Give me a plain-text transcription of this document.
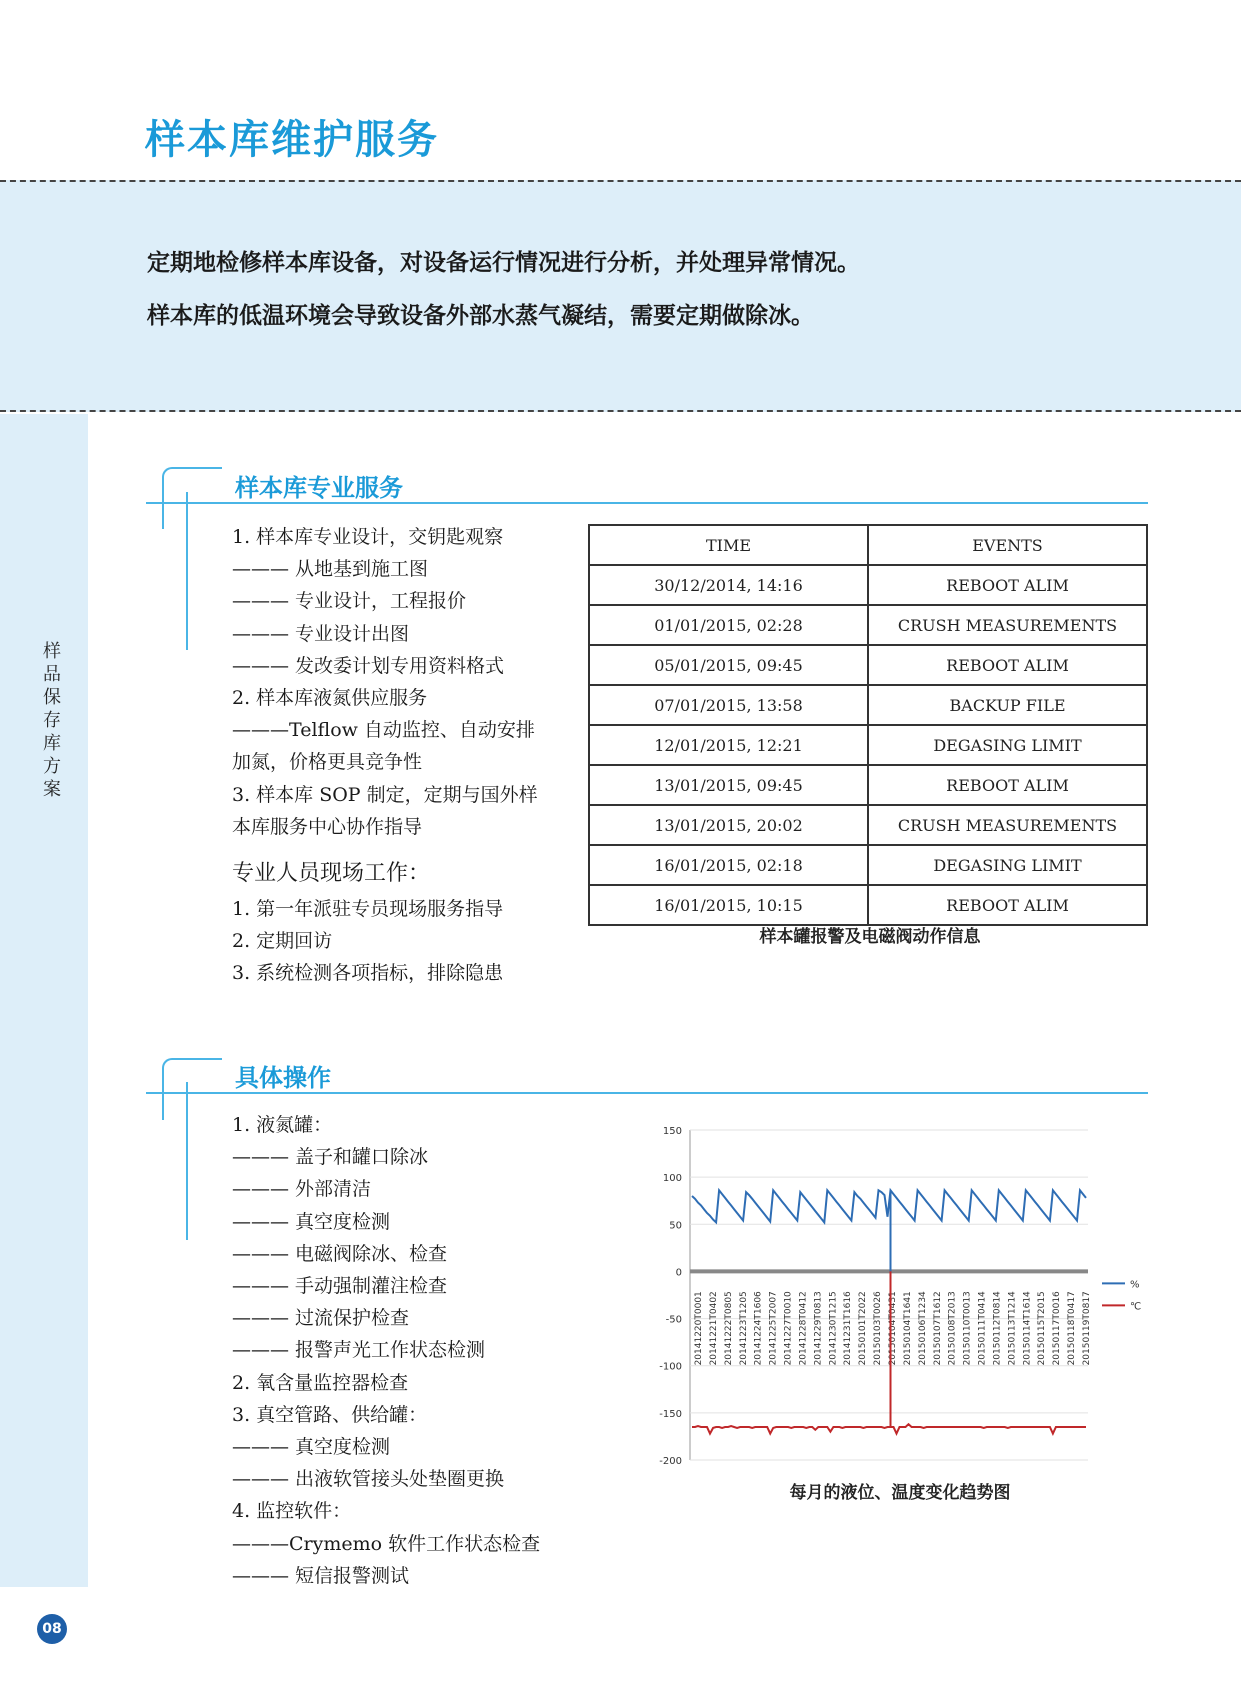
样本库维护服务
定期地检修样本库设备，对设备运行情况进行分析，并处理异常情况。
样本库的低温环境会导致设备外部水蒸气凝结，需要定期做除冰。
样品保存库方案
样本库专业服务
1. 样本库专业设计，交钥匙观察
——— 从地基到施工图
——— 专业设计，工程报价
——— 专业设计出图
——— 发改委计划专用资料格式
2. 样本库液氮供应服务
———Telflow 自动监控、自动安排
加氮，价格更具竞争性
3. 样本库 SOP 制定，定期与国外样
本库服务中心协作指导
专业人员现场工作：
1. 第一年派驻专员现场服务指导
2. 定期回访
3. 系统检测各项指标，排除隐患
TIME	EVENTS
30/12/2014, 14:16	REBOOT ALIM
01/01/2015, 02:28	CRUSH MEASUREMENTS
05/01/2015, 09:45	REBOOT ALIM
07/01/2015, 13:58	BACKUP FILE
12/01/2015, 12:21	DEGASING LIMIT
13/01/2015, 09:45	REBOOT ALIM
13/01/2015, 20:02	CRUSH MEASUREMENTS
16/01/2015, 02:18	DEGASING LIMIT
16/01/2015, 10:15	REBOOT ALIM
样本罐报警及电磁阀动作信息
具体操作
1. 液氮罐：
——— 盖子和罐口除冰
——— 外部清洁
——— 真空度检测
——— 电磁阀除冰、检查
——— 手动强制灌注检查
——— 过流保护检查
——— 报警声光工作状态检测
2. 氧含量监控器检查
3. 真空管路、供给罐：
——— 真空度检测
——— 出液软管接头处垫圈更换
4. 监控软件：
———Crymemo 软件工作状态检查
——— 短信报警测试
150
100
50
0
-50
-100
-150
-200
20141220T0001 20141221T0402 20141222T0805 20141223T1205 20141224T1606 20141225T2007 20141227T0010 20141228T0412 20141229T0813 20141230T1215 20141231T1616 20150101T2022 20150103T0026 20150104T0431 20150104T1641 20150106T1234 20150107T1612 20150108T2013 20150110T0013 20150111T0414 20150112T0814 20150113T1214 20150114T1614 20150115T2015 20150117T0016 20150118T0417 20150119T0817
%
℃
每月的液位、温度变化趋势图
08
